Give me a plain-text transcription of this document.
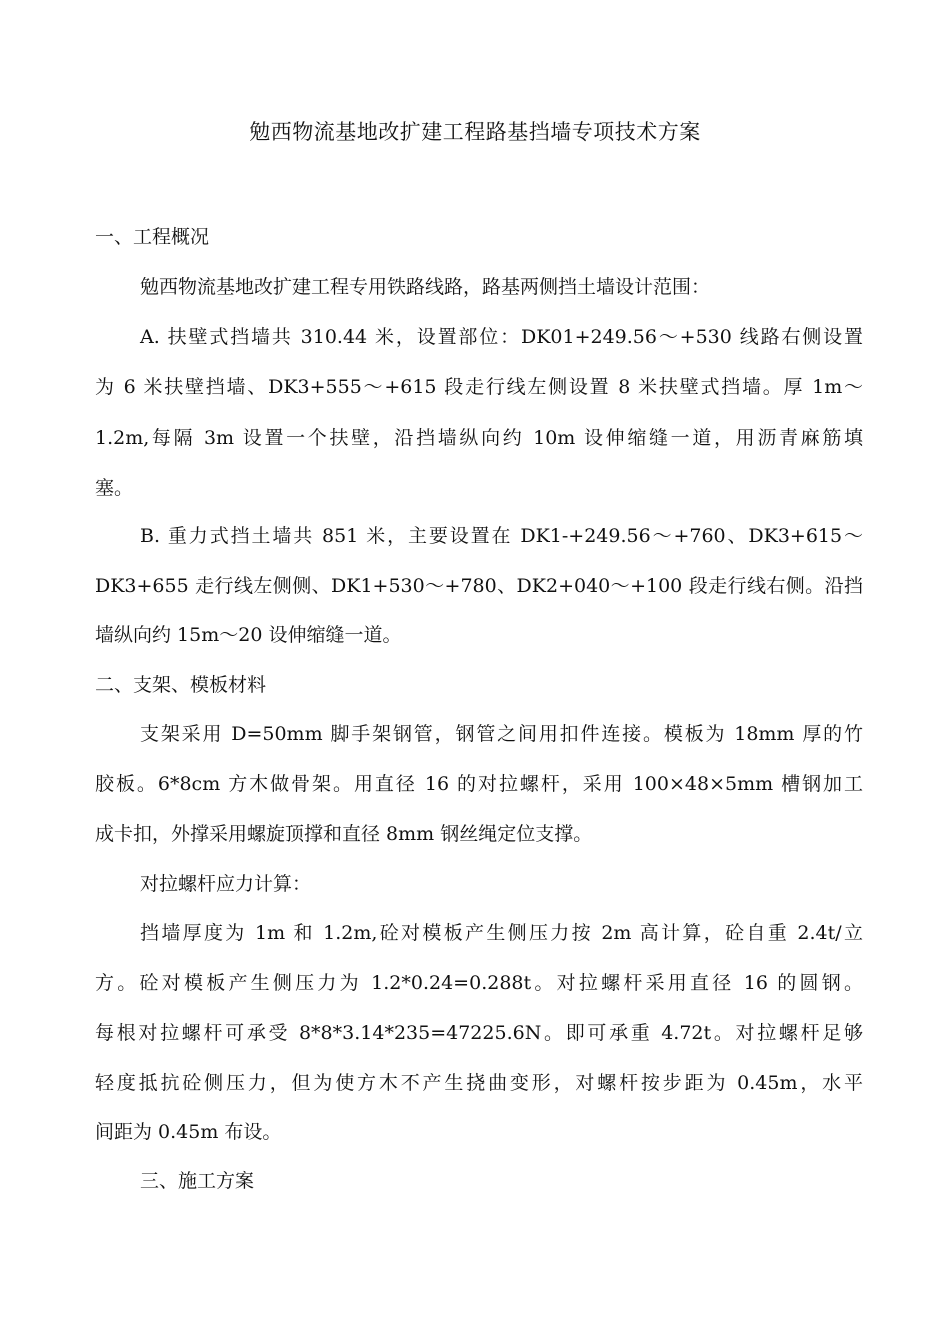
勉西物流基地改扩建工程路基挡墙专项技术方案
一、工程概况
勉西物流基地改扩建工程专用铁路线路，路基两侧挡土墙设计范围：
A. 扶壁式挡墙共 310.44 米，设置部位：DK01+249.56～+530 线路右侧设置
为 6 米扶壁挡墙、DK3+555～+615 段走行线左侧设置 8 米扶壁式挡墙。厚 1m～
1.2m,每隔 3m 设置一个扶壁，沿挡墙纵向约 10m 设伸缩缝一道，用沥青麻筋填
塞。
B. 重力式挡土墙共 851 米，主要设置在 DK1-+249.56～+760、DK3+615～
DK3+655 走行线左侧侧、DK1+530～+780、DK2+040～+100 段走行线右侧。沿挡
墙纵向约 15m～20 设伸缩缝一道。
二、支架、模板材料
支架采用 D=50mm 脚手架钢管，钢管之间用扣件连接。模板为 18mm 厚的竹
胶板。6*8cm 方木做骨架。用直径 16 的对拉螺杆，采用 100×48×5mm 槽钢加工
成卡扣，外撑采用螺旋顶撑和直径 8mm 钢丝绳定位支撑。
对拉螺杆应力计算：
挡墙厚度为 1m 和 1.2m,砼对模板产生侧压力按 2m 高计算，砼自重 2.4t/立
方。砼对模板产生侧压力为 1.2*0.24=0.288t。对拉螺杆采用直径 16 的圆钢。
每根对拉螺杆可承受 8*8*3.14*235=47225.6N。即可承重 4.72t。对拉螺杆足够
轻度抵抗砼侧压力，但为使方木不产生挠曲变形，对螺杆按步距为 0.45m，水平
间距为 0.45m 布设。
三、施工方案
